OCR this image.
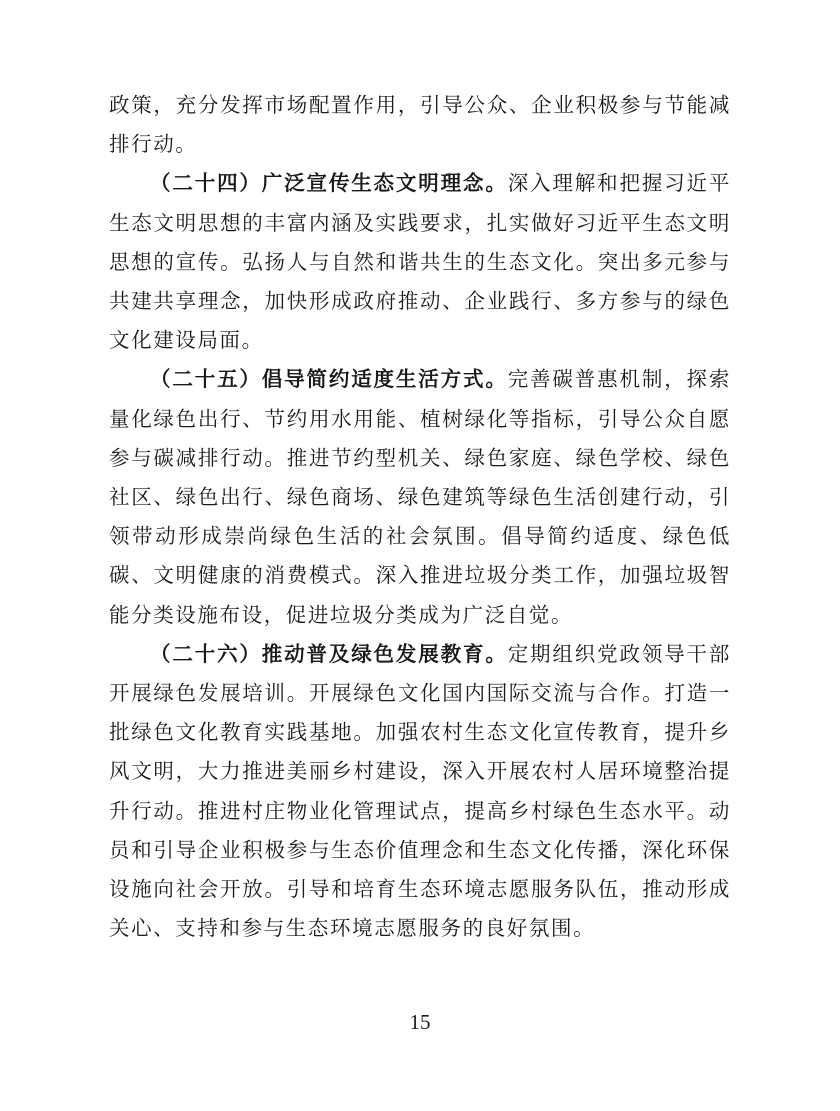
政策，充分发挥市场配置作用，引导公众、企业积极参与节能减排行动。

（二十四）广泛宣传生态文明理念。深入理解和把握习近平生态文明思想的丰富内涵及实践要求，扎实做好习近平生态文明思想的宣传。弘扬人与自然和谐共生的生态文化。突出多元参与共建共享理念，加快形成政府推动、企业践行、多方参与的绿色文化建设局面。

（二十五）倡导简约适度生活方式。完善碳普惠机制，探索量化绿色出行、节约用水用能、植树绿化等指标，引导公众自愿参与碳减排行动。推进节约型机关、绿色家庭、绿色学校、绿色社区、绿色出行、绿色商场、绿色建筑等绿色生活创建行动，引领带动形成崇尚绿色生活的社会氛围。倡导简约适度、绿色低碳、文明健康的消费模式。深入推进垃圾分类工作，加强垃圾智能分类设施布设，促进垃圾分类成为广泛自觉。

（二十六）推动普及绿色发展教育。定期组织党政领导干部开展绿色发展培训。开展绿色文化国内国际交流与合作。打造一批绿色文化教育实践基地。加强农村生态文化宣传教育，提升乡风文明，大力推进美丽乡村建设，深入开展农村人居环境整治提升行动。推进村庄物业化管理试点，提高乡村绿色生态水平。动员和引导企业积极参与生态价值理念和生态文化传播，深化环保设施向社会开放。引导和培育生态环境志愿服务队伍，推动形成关心、支持和参与生态环境志愿服务的良好氛围。

15
